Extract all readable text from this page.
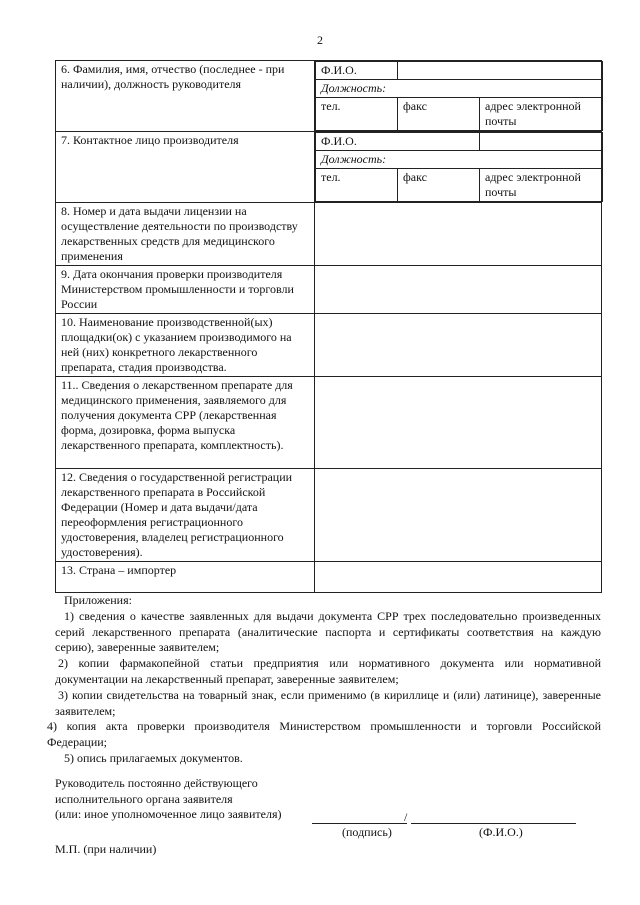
2
6. Фамилия, имя, отчество (последнее - при наличии), должность руководителя	
Ф.И.О.	
Должность:
тел.	факс	адрес электронной почты

7. Контактное лицо производителя		Ф.И.О.	
Должность:
тел.	факс	адрес электронной почты

8. Номер и дата выдачи лицензии на осуществление деятельности по производству лекарственных средств для медицинского применения	
9. Дата окончания проверки производителя Министерством промышленности и торговли России	
10. Наименование производственной(ых) площадки(ок) с указанием производимого на ней (них) конкретного лекарственного препарата, стадия производства.	
11.. Сведения о лекарственном препарате для медицинского применения, заявляемого для получения документа СРР (лекарственная форма, дозировка, форма выпуска лекарственного препарата, комплектность).	
12. Сведения о государственной регистрации лекарственного препарата в Российской Федерации (Номер и дата выдачи/дата переоформления регистрационного удостоверения, владелец регистрационного удостоверения).	
13. Страна – импортер	

Приложения:

1) сведения о качестве заявленных для выдачи документа СРР трех последовательно произведенных серий лекарственного препарата (аналитические паспорта и сертификаты соответствия на каждую серию), заверенные заявителем;

2) копии фармакопейной статьи предприятия или нормативного документа или нормативной документации на лекарственный препарат, заверенные заявителем;

3) копии свидетельства на товарный знак, если применимо (в кириллице и (или) латинице), заверенные заявителем;

4) копия акта проверки производителя Министерством промышленности и торговли Российской Федерации;

5) опись прилагаемых документов.

Руководитель постоянно действующего
исполнительного органа заявителя
(или: иное уполномоченное лицо заявителя)	/
(подпись)	(Ф.И.О.)
М.П. (при наличии)
